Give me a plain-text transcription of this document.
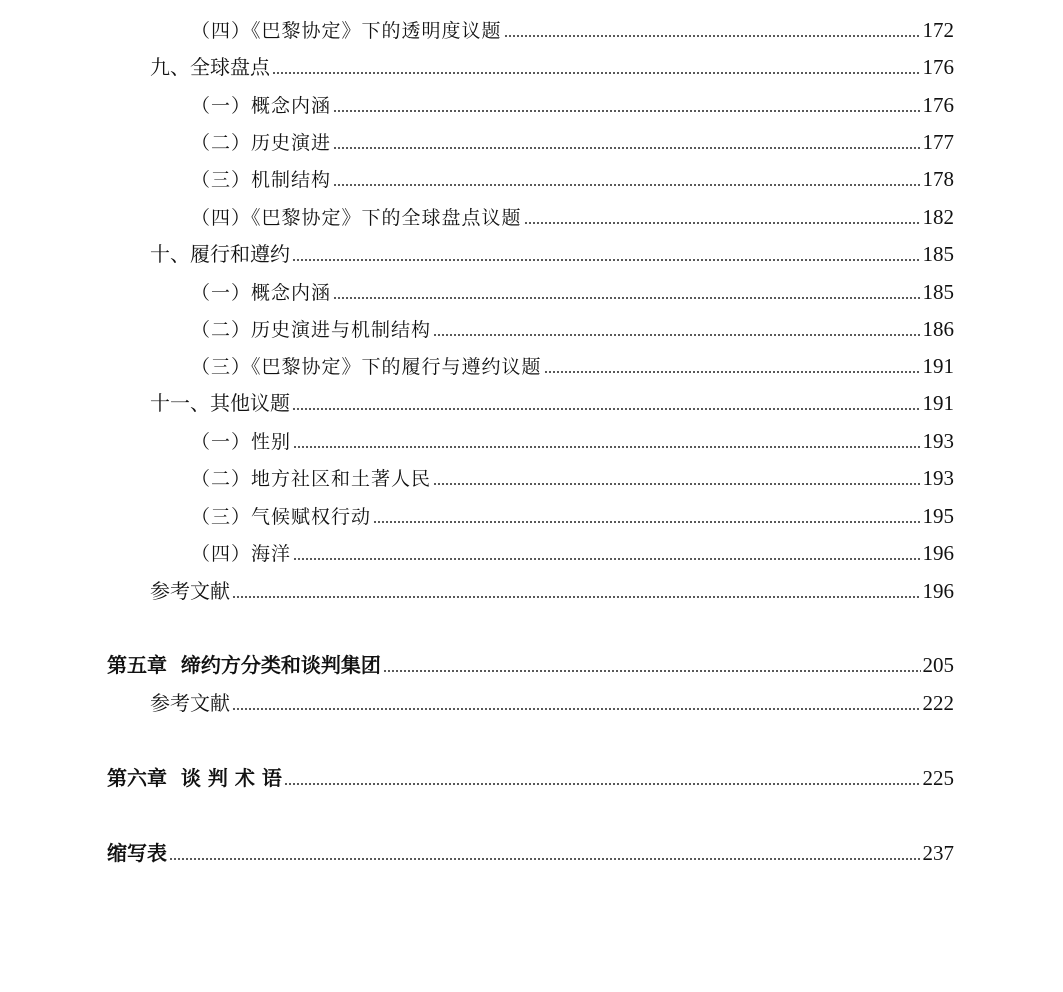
（四）《巴黎协定》下的透明度议题	172
九、全球盘点	176
（一）概念内涵	176
（二）历史演进	177
（三）机制结构	178
（四）《巴黎协定》下的全球盘点议题	182
十、履行和遵约	185
（一）概念内涵	185
（二）历史演进与机制结构	186
（三）《巴黎协定》下的履行与遵约议题	191
十一、其他议题	191
（一）性别	193
（二）地方社区和土著人民	193
（三）气候赋权行动	195
（四）海洋	196
参考文献	196
第五章  缔约方分类和谈判集团	205
参考文献	222
第六章  谈 判 术 语	225
缩写表	237
